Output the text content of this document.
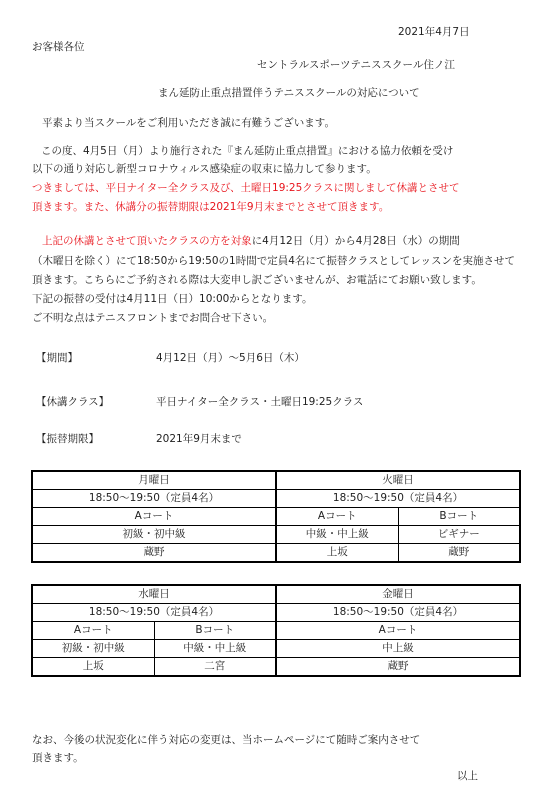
2021年4月7日
お客様各位
セントラルスポーツテニススクール住ノ江
まん延防止重点措置伴うテニススクールの対応について
平素より当スクールをご利用いただき誠に有難うございます。
この度、4月5日（月）より施行された『まん延防止重点措置』における協力依頼を受け
以下の通り対応し新型コロナウィルス感染症の収束に協力して参ります。
つきましては、平日ナイター全クラス及び、土曜日19:25クラスに関しまして休講とさせて
頂きます。また、休講分の振替期限は2021年9月末までとさせて頂きます。
上記の休講とさせて頂いたクラスの方を対象に4月12日（月）から4月28日（水）の期間
（木曜日を除く）にて18:50から19:50の1時間で定員4名にて振替クラスとしてレッスンを実施させて
頂きます。こちらにご予約される際は大変申し訳ございませんが、お電話にてお願い致します。
下記の振替の受付は4月11日（日）10:00からとなります。
ご不明な点はテニスフロントまでお問合せ下さい。
【期間】	4月12日（月）～5月6日（木）
【休講クラス】	平日ナイター全クラス・土曜日19:25クラス
【振替期限】	2021年9月末まで
月曜日	火曜日	
18:50～19:50（定員4名）	18:50～19:50（定員4名）	
Aコート	Aコート	Bコート
初級・初中級	中級・中上級	ビギナー
蔵野	上坂	蔵野
水曜日		金曜日
18:50～19:50（定員4名）		18:50～19:50（定員4名）
Aコート	Bコート	Aコート
初級・初中級	中級・中上級	中上級
上坂	二宮	蔵野
なお、今後の状況変化に伴う対応の変更は、当ホームページにて随時ご案内させて
頂きます。
以上
